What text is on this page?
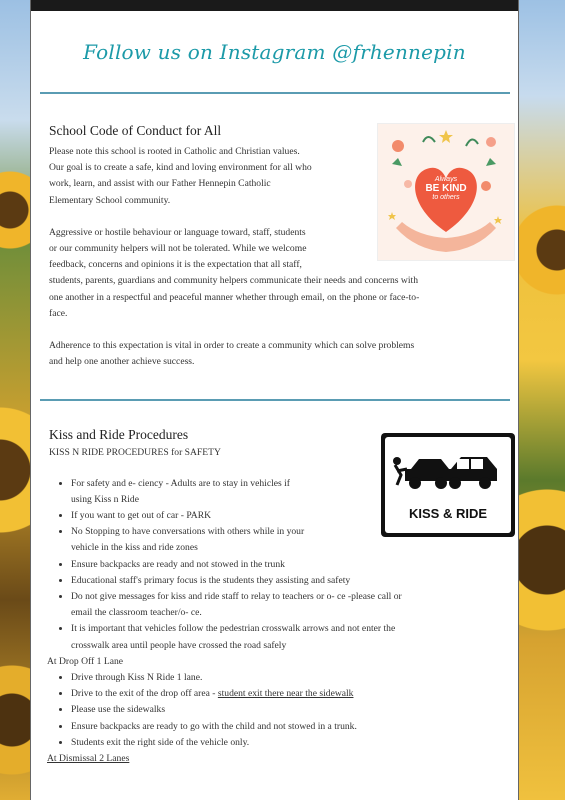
Follow us on Instagram @frhennepin
School Code of Conduct for All
Please note this school is rooted in Catholic and Christian values.
Our goal is to create a safe, kind and loving environment for all who
work, learn, and assist with our Father Hennepin Catholic
Elementary School community.
Aggressive or hostile behaviour or language toward, staff, students
or our community helpers will not be tolerated. While we welcome
feedback, concerns and opinions it is the expectation that all staff,
students, parents, guardians and community helpers communicate their needs and concerns with
one another in a respectful and peaceful manner whether through email, on the phone or face-to-
face.
Adherence to this expectation is vital in order to create a community which can solve problems
and help one another achieve success.
Always
BE KIND
to others
Kiss and Ride Procedures
KISS N RIDE PROCEDURES for SAFETY
• For safety and e- ciency - Adults are to stay in vehicles if
using Kiss n Ride
• If you want to get out of car - PARK
• No Stopping to have conversations with others while in your
vehicle in the kiss and ride zones
• Ensure backpacks are ready and not stowed in the trunk
• Educational staff's primary focus is the students they assisting and safety
• Do not give messages for kiss and ride staff to relay to teachers or o- ce -please call or
email the classroom teacher/o- ce.
• It is important that vehicles follow the pedestrian crosswalk arrows and not enter the
crosswalk area until people have crossed the road safely
At Drop Off 1 Lane
• Drive through Kiss N Ride 1 lane.
• Drive to the exit of the drop off area - student exit there near the sidewalk
• Please use the sidewalks
• Ensure backpacks are ready to go with the child and not stowed in a trunk.
• Students exit the right side of the vehicle only.
At Dismissal 2 Lanes
KISS & RIDE
